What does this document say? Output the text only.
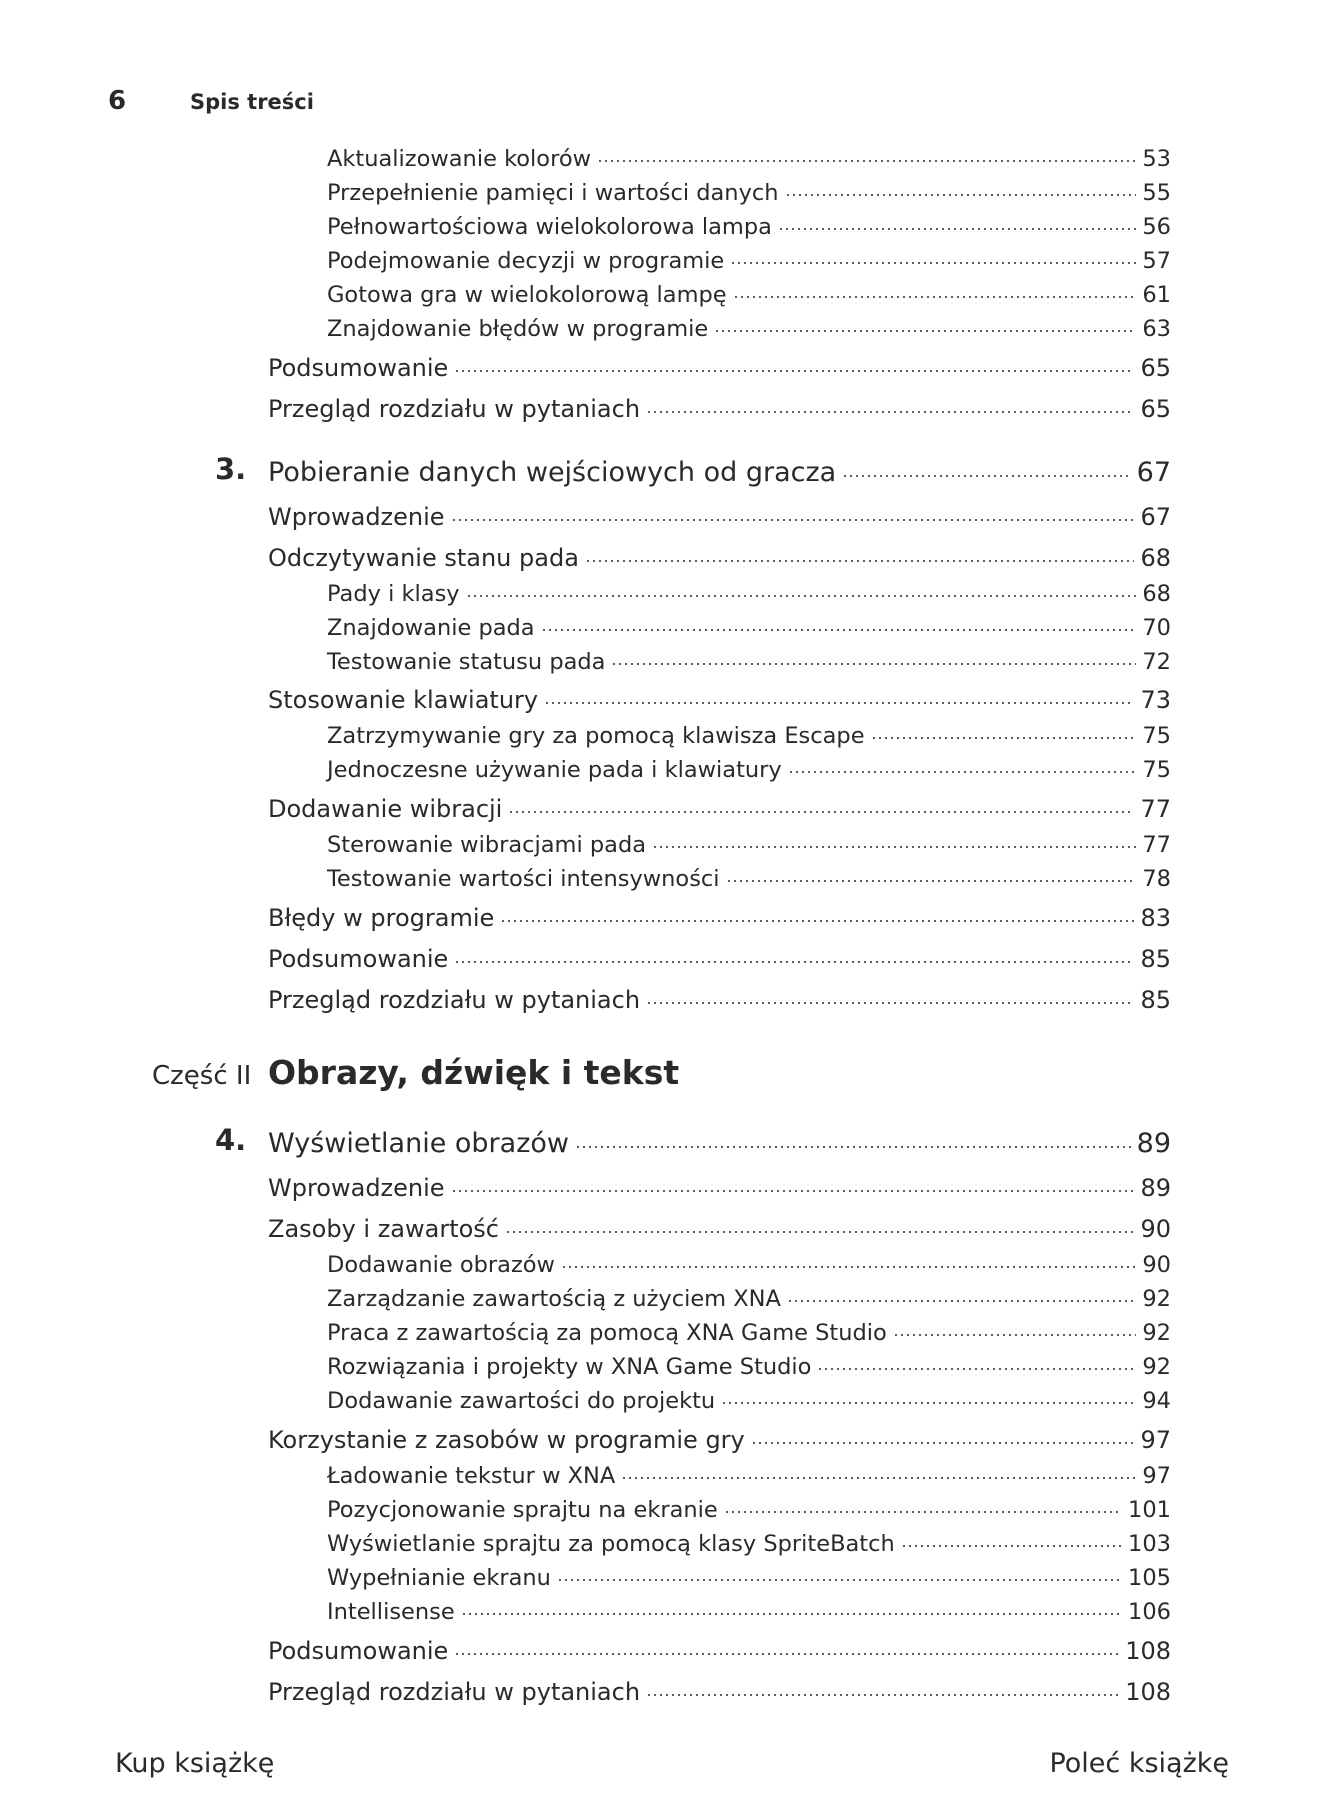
6	Spis treści
Aktualizowanie kolorów	53
Przepełnienie pamięci i wartości danych	55
Pełnowartościowa wielokolorowa lampa	56
Podejmowanie decyzji w programie	57
Gotowa gra w wielokolorową lampę	61
Znajdowanie błędów w programie	63
Podsumowanie	65
Przegląd rozdziału w pytaniach	65
3. Pobieranie danych wejściowych od gracza	67
Wprowadzenie	67
Odczytywanie stanu pada	68
Pady i klasy	68
Znajdowanie pada	70
Testowanie statusu pada	72
Stosowanie klawiatury	73
Zatrzymywanie gry za pomocą klawisza Escape	75
Jednoczesne używanie pada i klawiatury	75
Dodawanie wibracji	77
Sterowanie wibracjami pada	77
Testowanie wartości intensywności	78
Błędy w programie	83
Podsumowanie	85
Przegląd rozdziału w pytaniach	85
Część II Obrazy, dźwięk i tekst
4. Wyświetlanie obrazów	89
Wprowadzenie	89
Zasoby i zawartość	90
Dodawanie obrazów	90
Zarządzanie zawartością z użyciem XNA	92
Praca z zawartością za pomocą XNA Game Studio	92
Rozwiązania i projekty w XNA Game Studio	92
Dodawanie zawartości do projektu	94
Korzystanie z zasobów w programie gry	97
Ładowanie tekstur w XNA	97
Pozycjonowanie sprajtu na ekranie	101
Wyświetlanie sprajtu za pomocą klasy SpriteBatch	103
Wypełnianie ekranu	105
Intellisense	106
Podsumowanie	108
Przegląd rozdziału w pytaniach	108
Kup książkę	Poleć książkę
